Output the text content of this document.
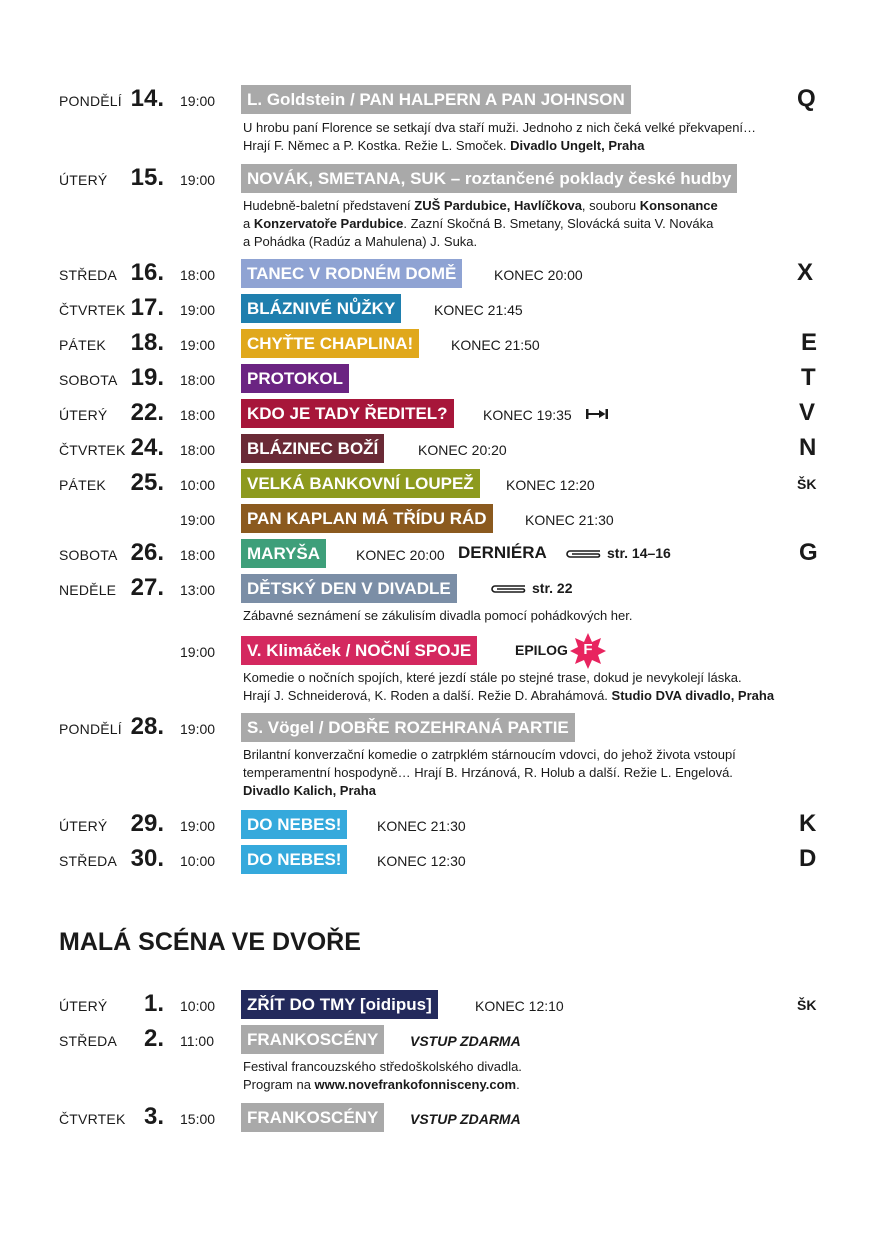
PONDĚLÍ 14. 19:00	L. Goldstein / PAN HALPERN A PAN JOHNSON	Q
U hrobu paní Florence se setkají dva staří muži. Jednoho z nich čeká velké překvapení…
Hrají F. Němec a P. Kostka. Režie L. Smoček. Divadlo Ungelt, Praha
ÚTERÝ 15. 19:00	NOVÁK, SMETANA, SUK – roztančené poklady české hudby
Hudebně-baletní představení ZUŠ Pardubice, Havlíčkova, souboru Konsonance
a Konzervatoře Pardubice. Zazní Skočná B. Smetany, Slovácká suita V. Nováka
a Pohádka (Radúz a Mahulena) J. Suka.
STŘEDA 16. 18:00	TANEC V RODNÉM DOMĚ	KONEC 20:00	X
ČTVRTEK 17. 19:00	BLÁZNIVÉ NŮŽKY	KONEC 21:45
PÁTEK	18. 19:00	CHYŤTE CHAPLINA!	KONEC 21:50	E
SOBOTA 19. 18:00	PROTOKOL	T
ÚTERÝ 22. 18:00	KDO JE TADY ŘEDITEL?	KONEC 19:35	V
ČTVRTEK 24. 18:00	BLÁZINEC BOŽÍ	KONEC 20:20	N
PÁTEK	25. 10:00	VELKÁ BANKOVNÍ LOUPEŽ	KONEC 12:20	ŠK
19:00	PAN KAPLAN MÁ TŘÍDU RÁD	KONEC 21:30
SOBOTA 26. 18:00	MARYŠA	KONEC 20:00 DERNIÉRA	str. 14–16	G
NEDĚLE 27. 13:00	DĚTSKÝ DEN V DIVADLE	str. 22
Zábavné seznámení se zákulisím divadla pomocí pohádkových her.
19:00	V. Klimáček / NOČNÍ SPOJE	EPILOG	F
Komedie o nočních spojích, které jezdí stále po stejné trase, dokud je nevykolejí láska.
Hrají J. Schneiderová, K. Roden a další. Režie D. Abrahámová. Studio DVA divadlo, Praha
PONDĚLÍ 28. 19:00	S. Vögel / DOBŘE ROZEHRANÁ PARTIE
Brilantní konverzační komedie o zatrpklém stárnoucím vdovci, do jehož života vstoupí
temperamentní hospodyně… Hrají B. Hrzánová, R. Holub a další. Režie L. Engelová.
Divadlo Kalich, Praha
ÚTERÝ 29. 19:00	DO NEBES!	KONEC 21:30	K
STŘEDA 30. 10:00	DO NEBES!	KONEC 12:30	D
MALÁ SCÉNA VE DVOŘE
ÚTERÝ	1. 10:00	ZŘÍT DO TMY [oidipus]	KONEC 12:10	ŠK
STŘEDA	2. 11:00	FRANKOSCÉNY	VSTUP ZDARMA
Festival francouzského středoškolského divadla.
Program na www.novefrankofonnisceny.com.
ČTVRTEK 3. 15:00	FRANKOSCÉNY	VSTUP ZDARMA
